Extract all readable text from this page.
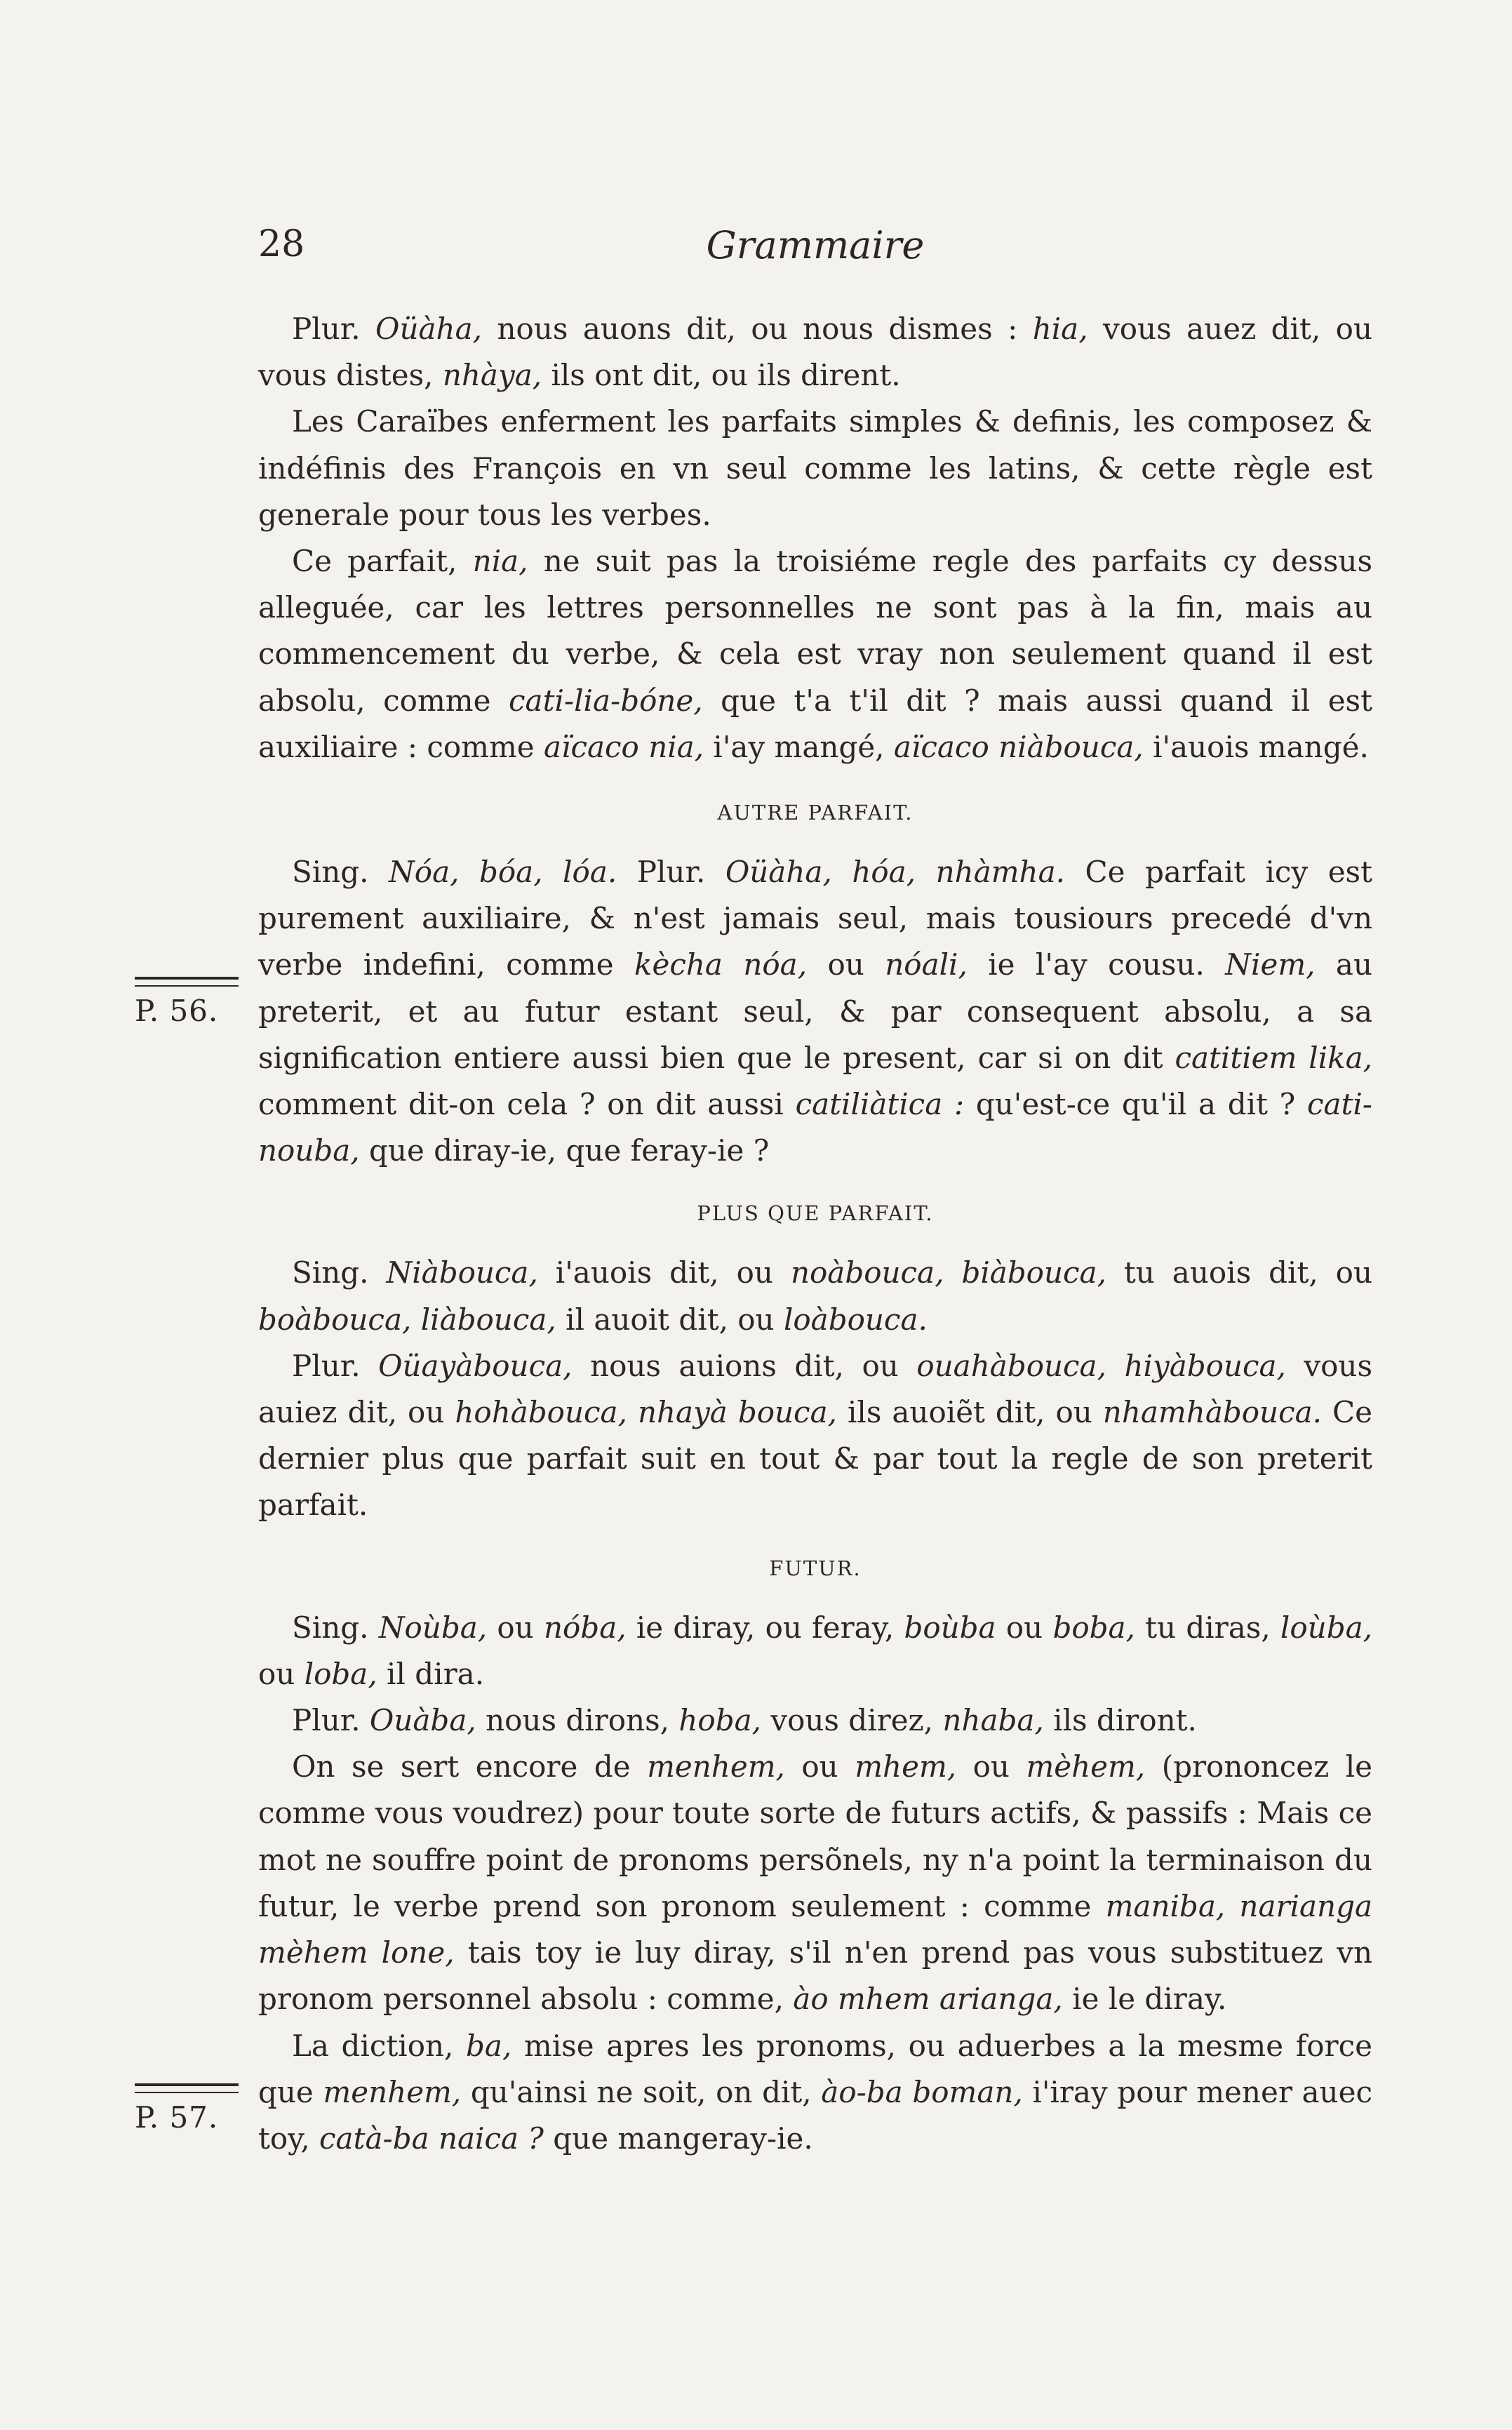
28	Grammaire
P. 56.
P. 57.

Plur. Oüàha, nous auons dit, ou nous dismes : hia, vous auez dit, ou vous distes, nhàya, ils ont dit, ou ils dirent.

Les Caraïbes enferment les parfaits simples & definis, les composez & indéfinis des François en vn seul comme les latins, & cette règle est generale pour tous les verbes.

Ce parfait, nia, ne suit pas la troisiéme regle des parfaits cy dessus alleguée, car les lettres personnelles ne sont pas à la fin, mais au commencement du verbe, & cela est vray non seulement quand il est absolu, comme cati-lia-bóne, que t'a t'il dit ? mais aussi quand il est auxiliaire : comme aïcaco nia, i'ay mangé, aïcaco niàbouca, i'auois mangé.

AUTRE PARFAIT.

Sing. Nóa, bóa, lóa. Plur. Oüàha, hóa, nhàmha. Ce parfait icy est purement auxiliaire, & n'est jamais seul, mais tousiours precedé d'vn verbe indefini, comme kècha nóa, ou nóali, ie l'ay cousu. Niem, au preterit, et au futur estant seul, & par consequent absolu, a sa signification entiere aussi bien que le present, car si on dit catitiem lika, comment dit-on cela ? on dit aussi catiliàtica : qu'est-ce qu'il a dit ? cati-nouba, que diray-ie, que feray-ie ?

PLUS QUE PARFAIT.

Sing. Niàbouca, i'auois dit, ou noàbouca, biàbouca, tu auois dit, ou boàbouca, liàbouca, il auoit dit, ou loàbouca.

Plur. Oüayàbouca, nous auions dit, ou ouahàbouca, hiyàbouca, vous auiez dit, ou hohàbouca, nhayà bouca, ils auoiẽt dit, ou nhamhàbouca. Ce dernier plus que parfait suit en tout & par tout la regle de son preterit parfait.

FUTUR.

Sing. Noùba, ou nóba, ie diray, ou feray, boùba ou boba, tu diras, loùba, ou loba, il dira.

Plur. Ouàba, nous dirons, hoba, vous direz, nhaba, ils diront.

On se sert encore de menhem, ou mhem, ou mèhem, (prononcez le comme vous voudrez) pour toute sorte de futurs actifs, & passifs : Mais ce mot ne souffre point de pronoms persõnels, ny n'a point la terminaison du futur, le verbe prend son pronom seulement : comme maniba, narianga mèhem lone, tais toy ie luy diray, s'il n'en prend pas vous substituez vn pronom personnel absolu : comme, ào mhem arianga, ie le diray.

La diction, ba, mise apres les pronoms, ou aduerbes a la mesme force que menhem, qu'ainsi ne soit, on dit, ào-ba boman, i'iray pour mener auec toy, catà-ba naica ? que mangeray-ie.
